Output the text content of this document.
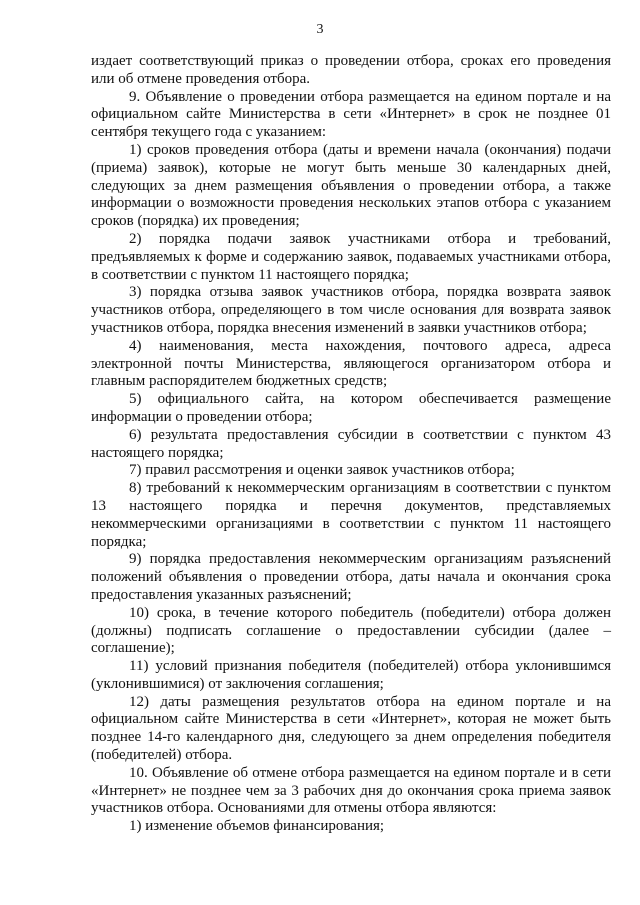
3

издает соответствующий приказ о проведении отбора, сроках его проведения или об отмене проведения отбора.

9. Объявление о проведении отбора размещается на едином портале и на официальном сайте Министерства в сети «Интернет» в срок не позднее 01 сентября текущего года с указанием:

1) сроков проведения отбора (даты и времени начала (окончания) подачи (приема) заявок), которые не могут быть меньше 30 календарных дней, следующих за днем размещения объявления о проведении отбора, а также информации о возможности проведения нескольких этапов отбора с указанием сроков (порядка) их проведения;

2) порядка подачи заявок участниками отбора и требований, предъявляемых к форме и содержанию заявок, подаваемых участниками отбора, в соответствии с пунктом 11 настоящего порядка;

3) порядка отзыва заявок участников отбора, порядка возврата заявок участников отбора, определяющего в том числе основания для возврата заявок участников отбора, порядка внесения изменений в заявки участников отбора;

4) наименования, места нахождения, почтового адреса, адреса электронной почты Министерства, являющегося организатором отбора и главным распорядителем бюджетных средств;

5) официального сайта, на котором обеспечивается размещение информации о проведении отбора;

6) результата предоставления субсидии в соответствии с пунктом 43 настоящего порядка;

7) правил рассмотрения и оценки заявок участников отбора;

8) требований к некоммерческим организациям в соответствии с пунктом 13 настоящего порядка и перечня документов, представляемых некоммерческими организациями в соответствии с пунктом 11 настоящего порядка;

9) порядка предоставления некоммерческим организациям разъяснений положений объявления о проведении отбора, даты начала и окончания срока предоставления указанных разъяснений;

10) срока, в течение которого победитель (победители) отбора должен (должны) подписать соглашение о предоставлении субсидии (далее – соглашение);

11) условий признания победителя (победителей) отбора уклонившимся (уклонившимися) от заключения соглашения;

12) даты размещения результатов отбора на едином портале и на официальном сайте Министерства в сети «Интернет», которая не может быть позднее 14-го календарного дня, следующего за днем определения победителя (победителей) отбора.

10. Объявление об отмене отбора размещается на едином портале и в сети «Интернет» не позднее чем за 3 рабочих дня до окончания срока приема заявок участников отбора. Основаниями для отмены отбора являются:

1) изменение объемов финансирования;
